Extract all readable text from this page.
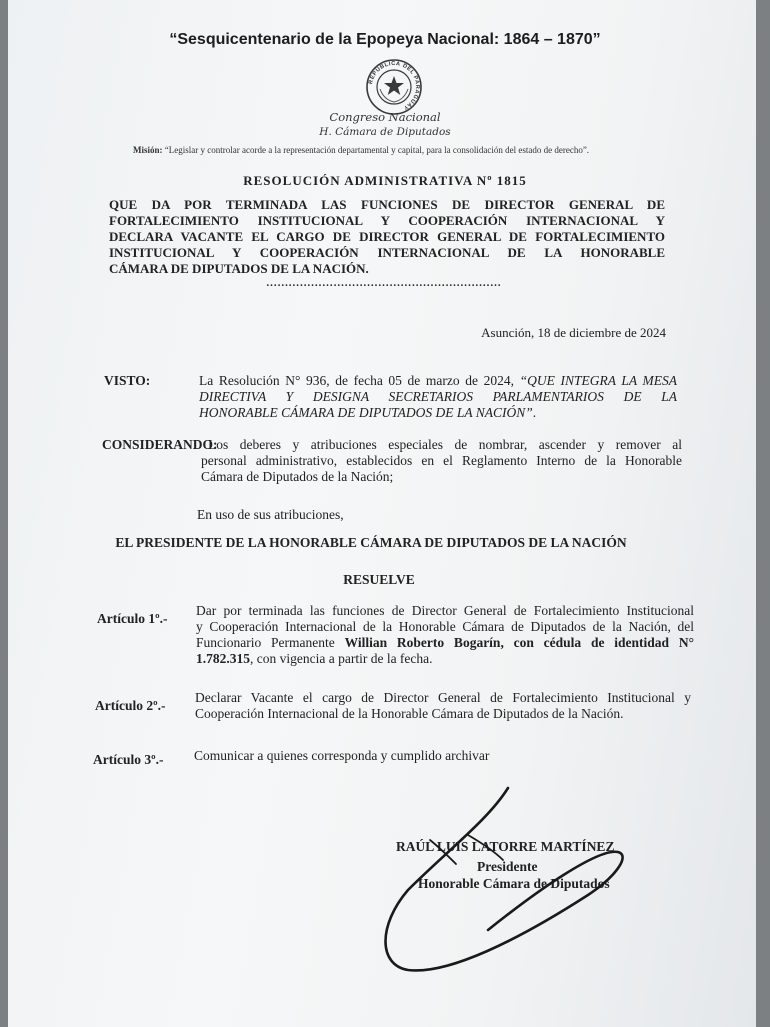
“Sesquicentenario de la Epopeya Nacional: 1864 – 1870”
REPÚBLICA DEL PARAGUAY
Congreso Nacional
H. Cámara de Diputados
Misión: “Legislar y controlar acorde a la representación departamental y capital, para la consolidación del estado de derecho”.
RESOLUCIÓN ADMINISTRATIVA Nº 1815
QUE DA POR TERMINADA LAS FUNCIONES DE DIRECTOR GENERAL DE
FORTALECIMIENTO INSTITUCIONAL Y COOPERACIÓN INTERNACIONAL Y
DECLARA VACANTE EL CARGO DE DIRECTOR GENERAL DE FORTALECIMIENTO
INSTITUCIONAL Y COOPERACIÓN INTERNACIONAL DE LA HONORABLE
CÁMARA DE DIPUTADOS DE LA NACIÓN.
………………………………………………………
Asunción, 18 de diciembre de 2024
VISTO:	La Resolución N° 936, de fecha 05 de marzo de 2024, “QUE INTEGRA LA MESA
DIRECTIVA Y DESIGNA SECRETARIOS PARLAMENTARIOS DE LA
HONORABLE CÁMARA DE DIPUTADOS DE LA NACIÓN”.
CONSIDERANDO:
Los deberes y atribuciones especiales de nombrar, ascender y remover al
personal administrativo, establecidos en el Reglamento Interno de la Honorable
Cámara de Diputados de la Nación;
En uso de sus atribuciones,
EL PRESIDENTE DE LA HONORABLE CÁMARA DE DIPUTADOS DE LA NACIÓN
RESUELVE
Artículo 1º.-
Dar por terminada las funciones de Director General de Fortalecimiento Institucional
y Cooperación Internacional de la Honorable Cámara de Diputados de la Nación, del
Funcionario Permanente Willian Roberto Bogarín, con cédula de identidad N°
1.782.315, con vigencia a partir de la fecha.
Artículo 2º.-
Declarar Vacante el cargo de Director General de Fortalecimiento Institucional y
Cooperación Internacional de la Honorable Cámara de Diputados de la Nación.
Artículo 3º.- Comunicar a quienes corresponda y cumplido archivar
RAÚL LUIS LATORRE MARTÍNEZ
Presidente
Honorable Cámara de Diputados
